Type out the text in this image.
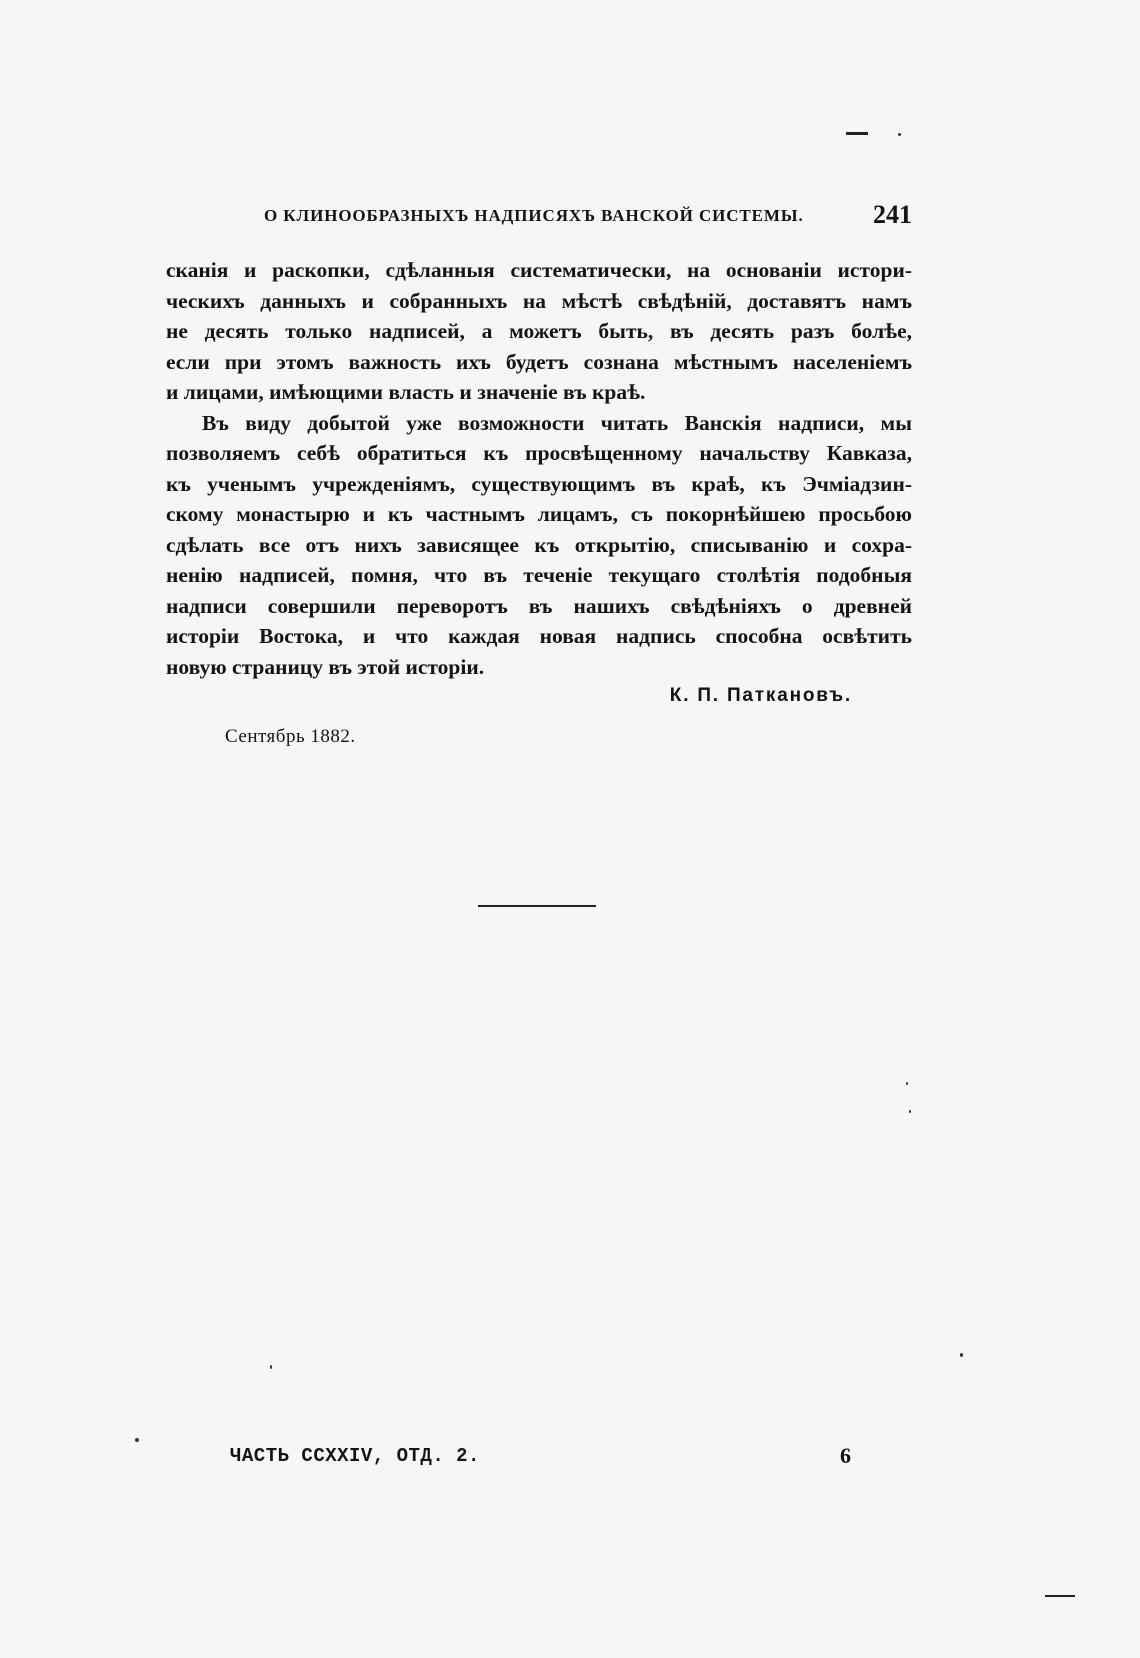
О КЛИНООБРАЗНЫХЪ НАДПИСЯХЪ ВАНСКОЙ СИСТЕМЫ.	241

сканія и раскопки, сдѣланныя систематически, на основаніи истори-
ческихъ данныхъ и собранныхъ на мѣстѣ свѣдѣній, доставятъ намъ
не десять только надписей, а можетъ быть, въ десять разъ болѣе,
если при этомъ важность ихъ будетъ сознана мѣстнымъ населеніемъ
и лицами, имѣющими власть и значеніе въ краѣ.

Въ виду добытой уже возможности читать Ванскія надписи, мы
позволяемъ себѣ обратиться къ просвѣщенному начальству Кавказа,
къ ученымъ учрежденіямъ, существующимъ въ краѣ, къ Эчміадзин-
скому монастырю и къ частнымъ лицамъ, съ покорнѣйшею просьбою
сдѣлать все отъ нихъ зависящее къ открытію, списыванію и сохра-
ненію надписей, помня, что въ теченіе текущаго столѣтія подобныя
надписи совершили переворотъ въ нашихъ свѣдѣніяхъ о древней
исторіи Востока, и что каждая новая надпись способна освѣтить
новую страницу въ этой исторіи.

К. П. Паткановъ.
Сентябрь 1882.
ЧАСТЬ CCXXIV, ОТД. 2.	6
